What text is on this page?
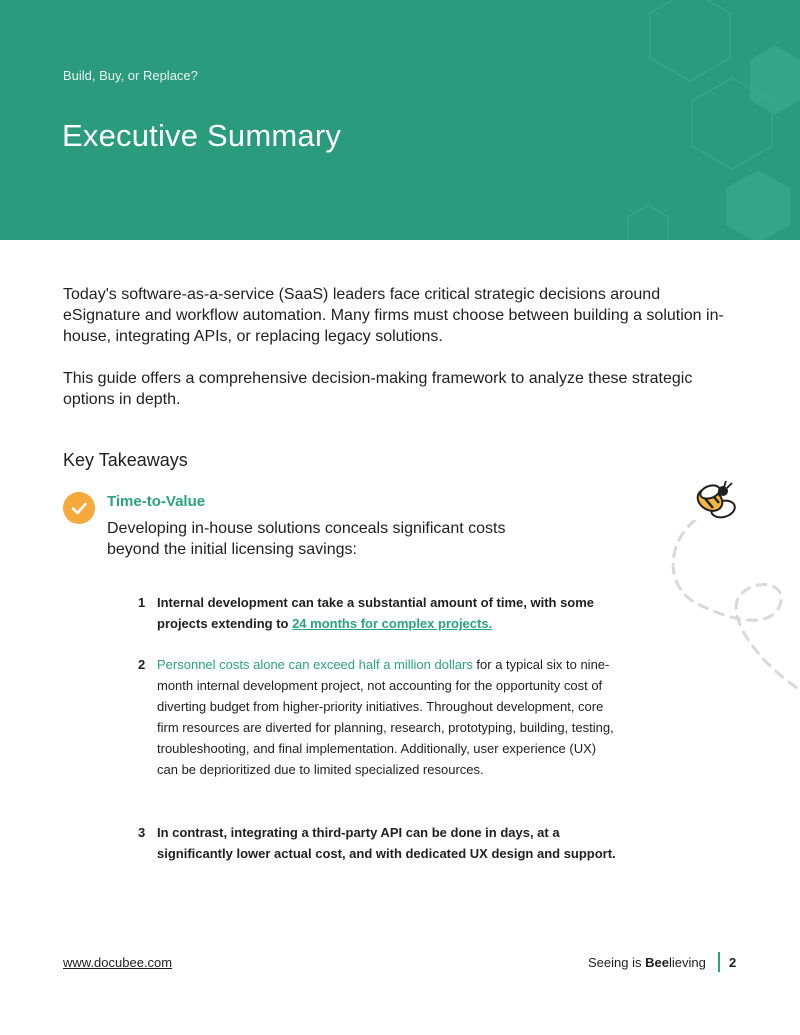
Build, Buy, or Replace?
Executive Summary

Today's software-as-a-service (SaaS) leaders face critical strategic decisions around eSignature and workflow automation. Many firms must choose between building a solution in-house, integrating APIs, or replacing legacy solutions.

This guide offers a comprehensive decision-making framework to analyze these strategic options in depth.

Key Takeaways
Time-to-Value

Developing in-house solutions conceals significant costs beyond the initial licensing savings:

1 Internal development can take a substantial amount of time, with some projects extending to 24 months for complex projects.
2 Personnel costs alone can exceed half a million dollars for a typical six to nine-month internal development project, not accounting for the opportunity cost of diverting budget from higher-priority initiatives. Throughout development, core firm resources are diverted for planning, research, prototyping, building, testing, troubleshooting, and final implementation. Additionally, user experience (UX) can be deprioritized due to limited specialized resources.
3 In contrast, integrating a third-party API can be done in days, at a significantly lower actual cost, and with dedicated UX design and support.
www.docubee.com	Seeing is Beelieving 2
